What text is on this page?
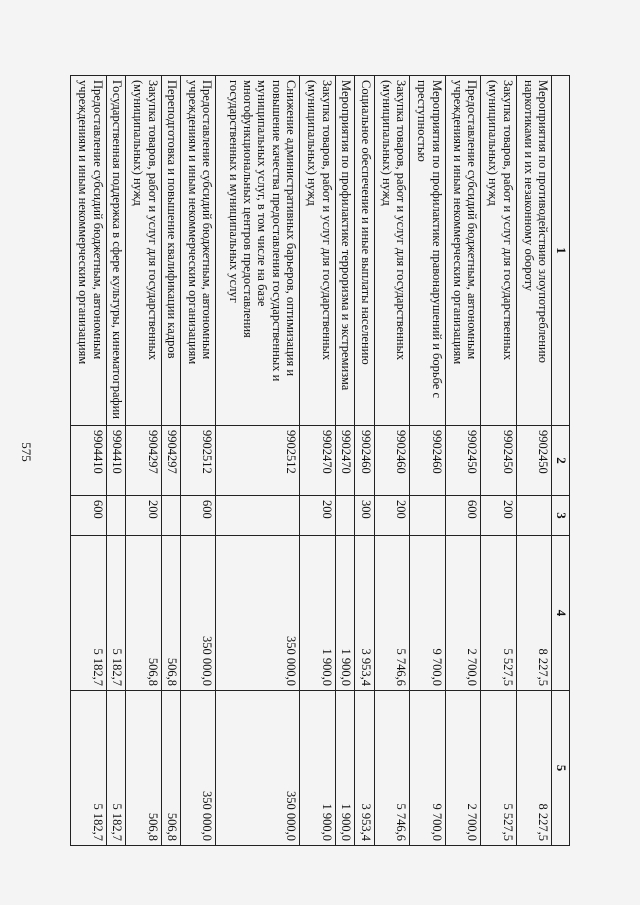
575
1	2	3	4	5
Мероприятия по противодействию злоупотреблению наркотиками и их незаконному обороту	9902450		8 227,5	8 227,5
Закупка товаров, работ и услуг для государственных (муниципальных) нужд	9902450	200	5 527,5	5 527,5
Предоставление субсидий бюджетным, автономным учреждениям и иным некоммерческим организациям	9902450	600	2 700,0	2 700,0
Мероприятия по профилактике правонарушений и борьбе с преступностью	9902460		9 700,0	9 700,0
Закупка товаров, работ и услуг для государственных (муниципальных) нужд	9902460	200	5 746,6	5 746,6
Социальное обеспечение и иные выплаты населению	9902460	300	3 953,4	3 953,4
Мероприятия по профилактике терроризма и экстремизма	9902470		1 900,0	1 900,0
Закупка товаров, работ и услуг для государственных (муниципальных) нужд	9902470	200	1 900,0	1 900,0
Снижение административных барьеров, оптимизация и повышение качества предоставления государственных и муниципальных услуг, в том числе на базе многофункциональных центров предоставления государственных и муниципальных услуг	9902512		350 000,0	350 000,0
Предоставление субсидий бюджетным, автономным учреждениям и иным некоммерческим организациям	9902512	600	350 000,0	350 000,0
Переподготовка и повышение квалификации кадров	9904297		506,8	506,8
Закупка товаров, работ и услуг для государственных (муниципальных) нужд	9904297	200	506,8	506,8
Государственная поддержка в сфере культуры, кинематографии	9904410		5 182,7	5 182,7
Предоставление субсидий бюджетным, автономным учреждениям и иным некоммерческим организациям	9904410	600	5 182,7	5 182,7
